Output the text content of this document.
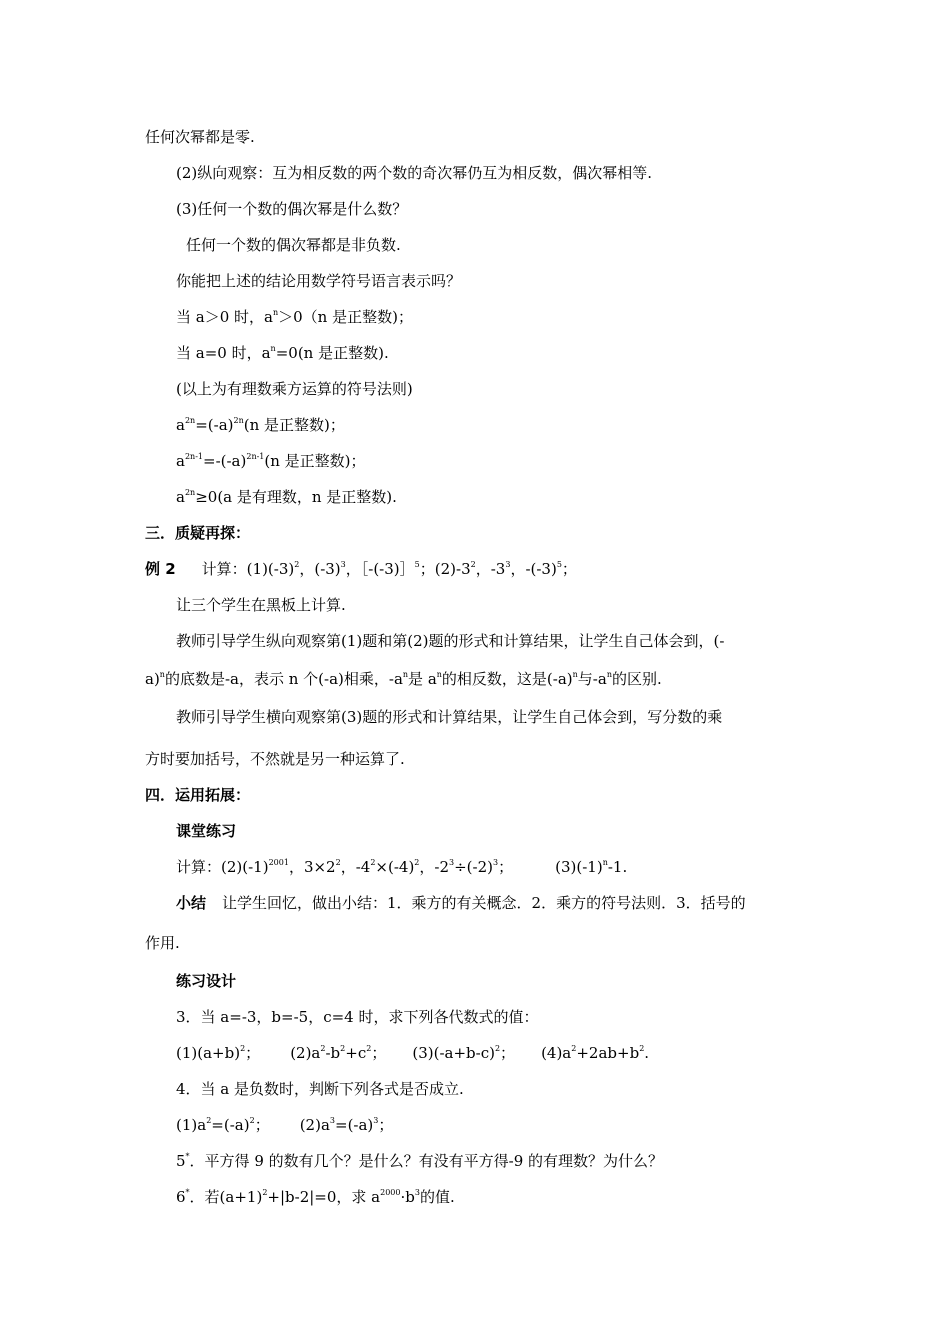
任何次幂都是零.
(2)纵向观察：互为相反数的两个数的奇次幂仍互为相反数，偶次幂相等.
(3)任何一个数的偶次幂是什么数？
任何一个数的偶次幂都是非负数.
你能把上述的结论用数学符号语言表示吗？
当 a＞0 时，$a^n>0(n$ 是正整数)；
当 a=0 时，$a^n=0(n$ 是正整数).
(以上为有理数乘方运算的符号法则)
$a^{2n}=(-a)^{2n}(n$ 是正整数)；
$a^{2n-1}=-(-a)^{2n-1}(n$ 是正整数)；
$a^{2n}\ge 0(a$ 是有理数，n 是正整数).
三．质疑再探：
例 2 计算：$(1)(-3)^2$，$(-3)^3$，［-(-3)］$^5$；$(2)-3^2$，$-3^3$，$-(-3)^5$；
让三个学生在黑板上计算.
教师引导学生纵向观察第(1)题和第(2)题的形式和计算结果，让学生自己体会到，(-
a)$^n$的底数是-a，表示 n 个(-a)相乘，$-a^n$是 $a^n$的相反数，这是$(-a)^n$与$-a^n$的区别.
教师引导学生横向观察第(3)题的形式和计算结果，让学生自己体会到，写分数的乘
方时要加括号，不然就是另一种运算了.
四．运用拓展：
课堂练习
计算：$(2)(-1)^{2001}$，$3\times 2^2$，$-4^2\times(-4)^2$，$-2^3\div(-2)^3$；	$(3)(-1)^n-1$.
小结 让学生回忆，做出小结：1．乘方的有关概念．2．乘方的符号法则．3．括号的
作用.
练习设计
3．当 a=-3，b=-5，c=4 时，求下列各代数式的值：
$(1)(a+b)^2$； $(2)a^2-b^2+c^2$； $(3)(-a+b-c)^2$； $(4)a^2+2ab+b^2$.
4．当 a 是负数时，判断下列各式是否成立.
$(1)a^2=(-a)^2$； $(2)a^3=(-a)^3$；
5*．平方得 9 的数有几个？是什么？有没有平方得-9 的有理数？为什么？
6*．若$(a+1)^2+|b-2|=0$，求 $a^{2000}\cdot b^3$的值.
